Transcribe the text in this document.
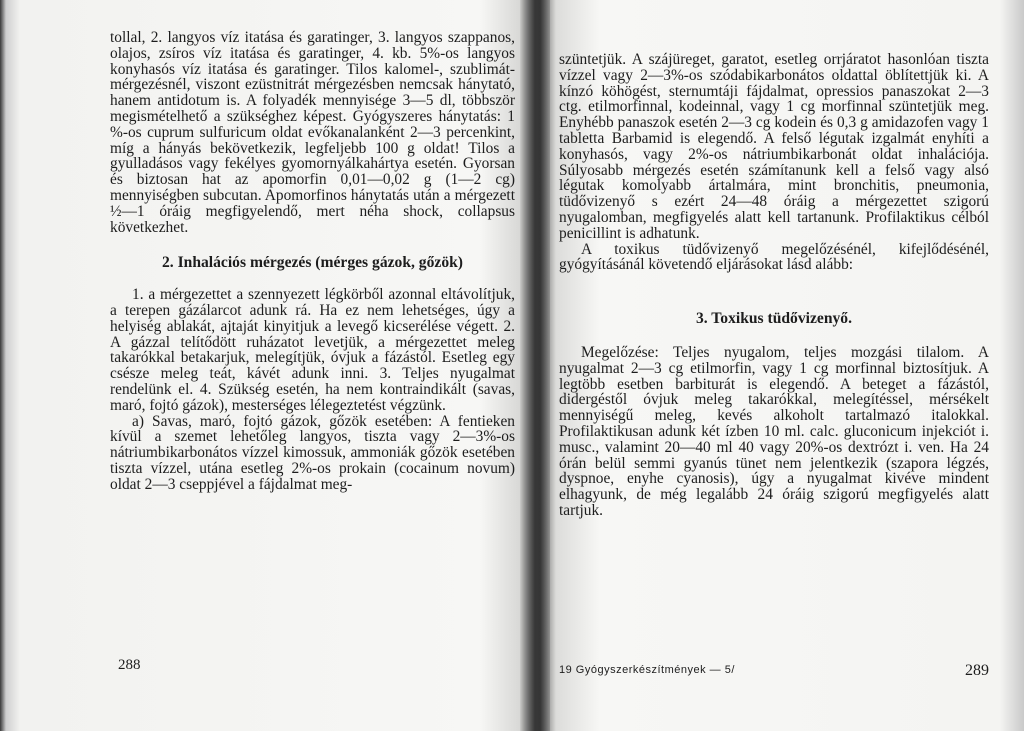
tollal, 2. langyos víz itatása és garatinger, 3. langyos szappanos, olajos, zsíros víz itatása és garatinger, 4. kb. 5%-os langyos konyhasós víz itatása és garatinger. Tilos kalomel-, szublimát-mérgezésnél, viszont ezüstnitrát mérgezésben nemcsak hánytató, hanem antidotum is. A folyadék mennyisége 3—5 dl, többször megismételhető a szükséghez képest. Gyógyszeres hánytatás: 1 %-os cuprum sulfuricum oldat evőkanalanként 2—3 percenkint, míg a hányás bekövetkezik, legfeljebb 100 g oldat! Tilos a gyulladásos vagy fekélyes gyomornyálkahártya esetén. Gyorsan és biztosan hat az apomorfin 0,01—0,02 g (1—2 cg) mennyiségben subcutan. Apomorfinos hánytatás után a mérgezett ½—1 óráig megfigyelendő, mert néha shock, collapsus következhet.

2. Inhalációs mérgezés (mérges gázok, gőzök)

1. a mérgezettet a szennyezett légkörből azonnal eltávolítjuk, a terepen gázálarcot adunk rá. Ha ez nem lehetséges, úgy a helyiség ablakát, ajtaját kinyitjuk a levegő kicserélése végett. 2. A gázzal telítődött ruházatot levetjük, a mérgezettet meleg takarókkal betakarjuk, melegítjük, óvjuk a fázástól. Esetleg egy csésze meleg teát, kávét adunk inni. 3. Teljes nyugalmat rendelünk el. 4. Szükség esetén, ha nem kontraindikált (savas, maró, fojtó gázok), mesterséges lélegeztetést végzünk.

a) Savas, maró, fojtó gázok, gőzök esetében: A fentieken kívül a szemet lehetőleg langyos, tiszta vagy 2—3%-os nátriumbikarbonátos vízzel kimossuk, ammoniák gőzök esetében tiszta vízzel, utána esetleg 2%-os prokain (cocainum novum) oldat 2—3 cseppjével a fájdalmat meg-

288

szüntetjük. A szájüreget, garatot, esetleg orrjáratot hasonlóan tiszta vízzel vagy 2—3%-os szódabikarbonátos oldattal öblítettjük ki. A kínzó köhögést, sternumtáji fájdalmat, opressios panaszokat 2—3 ctg. etilmorfinnal, kodeinnal, vagy 1 cg morfinnal szüntetjük meg. Enyhébb panaszok esetén 2—3 cg kodein és 0,3 g amidazofen vagy 1 tabletta Barbamid is elegendő. A felső légutak izgalmát enyhíti a konyhasós, vagy 2%-os nátriumbikarbonát oldat inhalációja. Súlyosabb mérgezés esetén számítanunk kell a felső vagy alsó légutak komolyabb ártalmára, mint bronchitis, pneumonia, tüdővizenyő s ezért 24—48 óráig a mérgezettet szigorú nyugalomban, megfigyelés alatt kell tartanunk. Profilaktikus célból penicillint is adhatunk.

A toxikus tüdővizenyő megelőzésénél, kifejlődésénél, gyógyításánál követendő eljárásokat lásd alább:

3. Toxikus tüdővizenyő.

Megelőzése: Teljes nyugalom, teljes mozgási tilalom. A nyugalmat 2—3 cg etilmorfin, vagy 1 cg morfinnal biztosítjuk. A legtöbb esetben barbiturát is elegendő. A beteget a fázástól, didergéstől óvjuk meleg takarókkal, melegítéssel, mérsékelt mennyiségű meleg, kevés alkoholt tartalmazó italokkal. Profilaktikusan adunk két ízben 10 ml. calc. gluconicum injekciót i. musc., valamint 20—40 ml 40 vagy 20%-os dextrózt i. ven. Ha 24 órán belül semmi gyanús tünet nem jelentkezik (szapora légzés, dyspnoe, enyhe cyanosis), úgy a nyugalmat kivéve mindent elhagyunk, de még legalább 24 óráig szigorú megfigyelés alatt tartjuk.

19 Gyógyszerkészítmények — 5/	289
